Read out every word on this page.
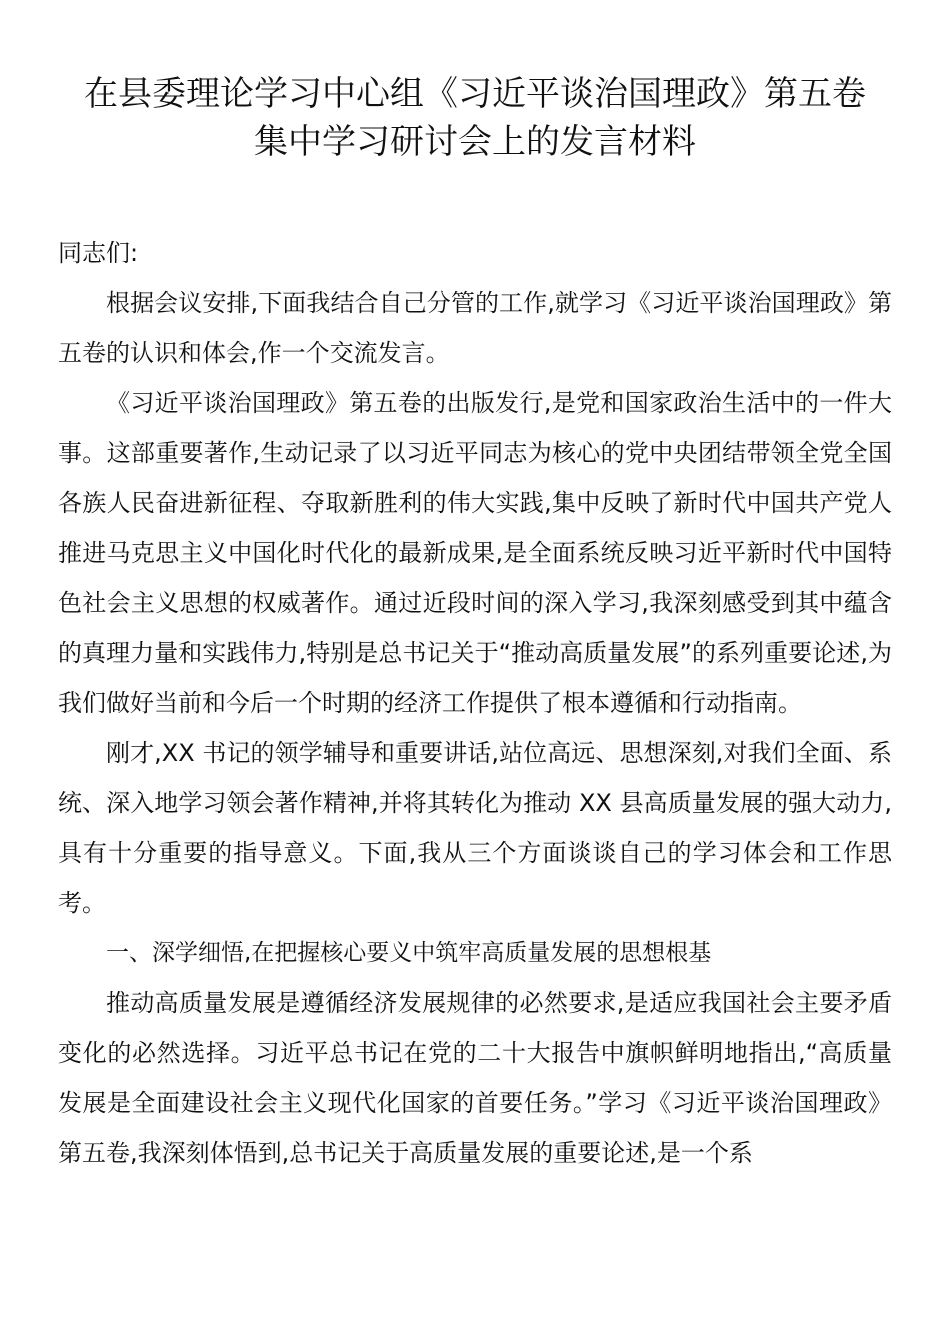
在县委理论学习中心组《习近平谈治国理政》第五卷
集中学习研讨会上的发言材料

同志们:

根据会议安排,下面我结合自己分管的工作,就学习《习近平谈治国理政》第五卷的认识和体会,作一个交流发言。

《习近平谈治国理政》第五卷的出版发行,是党和国家政治生活中的一件大事。这部重要著作,生动记录了以习近平同志为核心的党中央团结带领全党全国各族人民奋进新征程、夺取新胜利的伟大实践,集中反映了新时代中国共产党人推进马克思主义中国化时代化的最新成果,是全面系统反映习近平新时代中国特色社会主义思想的权威著作。通过近段时间的深入学习,我深刻感受到其中蕴含的真理力量和实践伟力,特别是总书记关于“推动高质量发展”的系列重要论述,为我们做好当前和今后一个时期的经济工作提供了根本遵循和行动指南。

刚才,XX 书记的领学辅导和重要讲话,站位高远、思想深刻,对我们全面、系统、深入地学习领会著作精神,并将其转化为推动 XX 县高质量发展的强大动力,具有十分重要的指导意义。下面,我从三个方面谈谈自己的学习体会和工作思考。

一、深学细悟,在把握核心要义中筑牢高质量发展的思想根基

推动高质量发展是遵循经济发展规律的必然要求,是适应我国社会主要矛盾变化的必然选择。习近平总书记在党的二十大报告中旗帜鲜明地指出,“高质量发展是全面建设社会主义现代化国家的首要任务。”学习《习近平谈治国理政》第五卷,我深刻体悟到,总书记关于高质量发展的重要论述,是一个系
